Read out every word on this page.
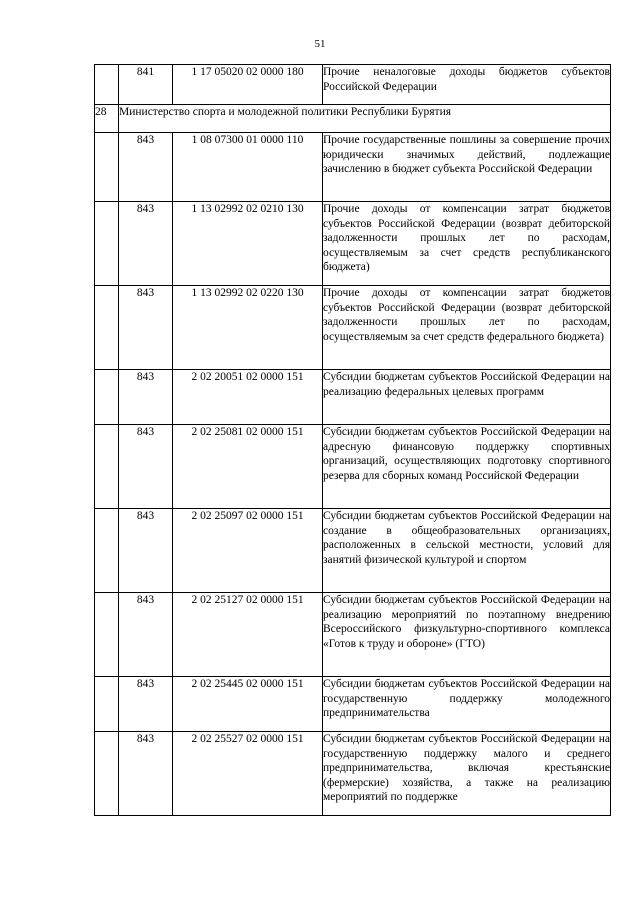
51
	841	1 17 05020 02 0000 180	Прочие неналоговые доходы бюджетов субъектов Российской Федерации

28	Министерство спорта и молодежной политики Республики Бурятия		
	843	1 08 07300 01 0000 110	Прочие государственные пошлины за совершение прочих юридически значимых действий, подлежащие зачислению в бюджет субъекта Российской Федерации

	843	1 13 02992 02 0210 130	Прочие доходы от компенсации затрат бюджетов субъектов Российской Федерации (возврат дебиторской задолженности прошлых лет по расходам, осуществляемым за счет средств республиканского бюджета)

	843	1 13 02992 02 0220 130	Прочие доходы от компенсации затрат бюджетов субъектов Российской Федерации (возврат дебиторской задолженности прошлых лет по расходам, осуществляемым за счет средств федерального бюджета)

	843	2 02 20051 02 0000 151	Субсидии бюджетам субъектов Российской Федерации на реализацию федеральных целевых программ

	843	2 02 25081 02 0000 151	Субсидии бюджетам субъектов Российской Федерации на адресную финансовую поддержку спортивных организаций, осуществляющих подготовку спортивного резерва для сборных команд Российской Федерации

	843	2 02 25097 02 0000 151	Субсидии бюджетам субъектов Российской Федерации на создание в общеобразовательных организациях, расположенных в сельской местности, условий для занятий физической культурой и спортом

	843	2 02 25127 02 0000 151	Субсидии бюджетам субъектов Российской Федерации на реализацию мероприятий по поэтапному внедрению Всероссийского физкультурно-спортивного комплекса «Готов к труду и обороне» (ГТО)

	843	2 02 25445 02 0000 151	Субсидии бюджетам субъектов Российской Федерации на государственную поддержку молодежного предпринимательства

	843	2 02 25527 02 0000 151	Субсидии бюджетам субъектов Российской Федерации на государственную поддержку малого и среднего предпринимательства, включая крестьянские (фермерские) хозяйства, а также на реализацию мероприятий по поддержке
